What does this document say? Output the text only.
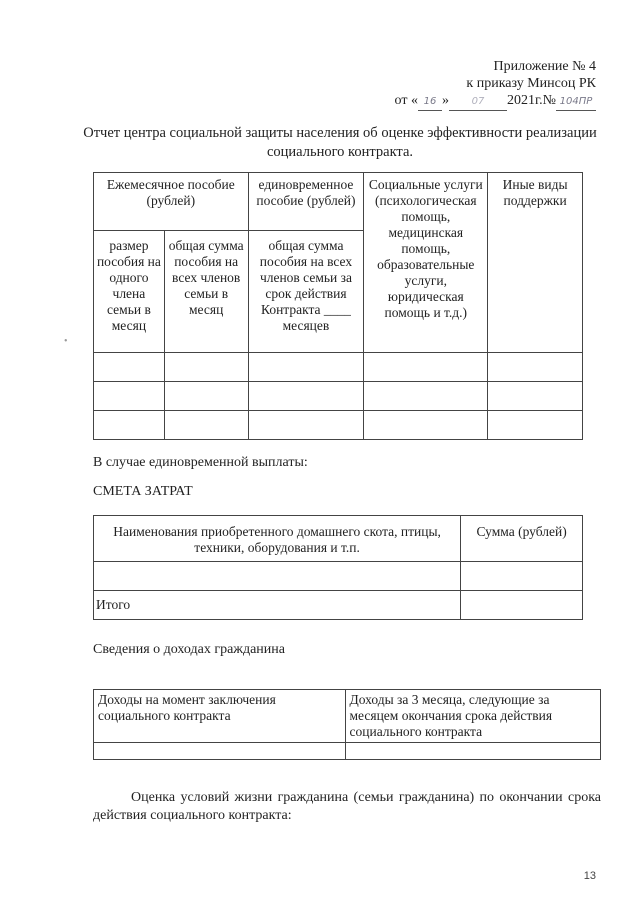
Приложение № 4
к приказу Минсоц РК
от « 16 » 07 2021г.№ 104ПР
Отчет центра социальной защиты населения об оценке эффективности реализации социального контракта.
Ежемесячное пособие (рублей)		единовременное пособие (рублей)	Социальные услуги (психологическая помощь, медицинская помощь, образовательные услуги, юридическая помощь и т.д.)	Иные виды поддержки
размер пособия на одного члена семьи в месяц	общая сумма пособия на всех членов семьи в месяц	общая сумма пособия на всех членов семьи за срок действия Контракта ____ месяцев		

•
В случае единовременной выплаты:
СМЕТА ЗАТРАТ
Наименования приобретенного домашнего скота, птицы, техники, оборудования и т.п.	Сумма (рублей)

Итого	
Сведения о доходах гражданина
Доходы на момент заключения социального контракта	Доходы за 3 месяца, следующие за месяцем окончания срока действия социального контракта

Оценка условий жизни гражданина (семьи гражданина) по окончании срока действия социального контракта:
13
